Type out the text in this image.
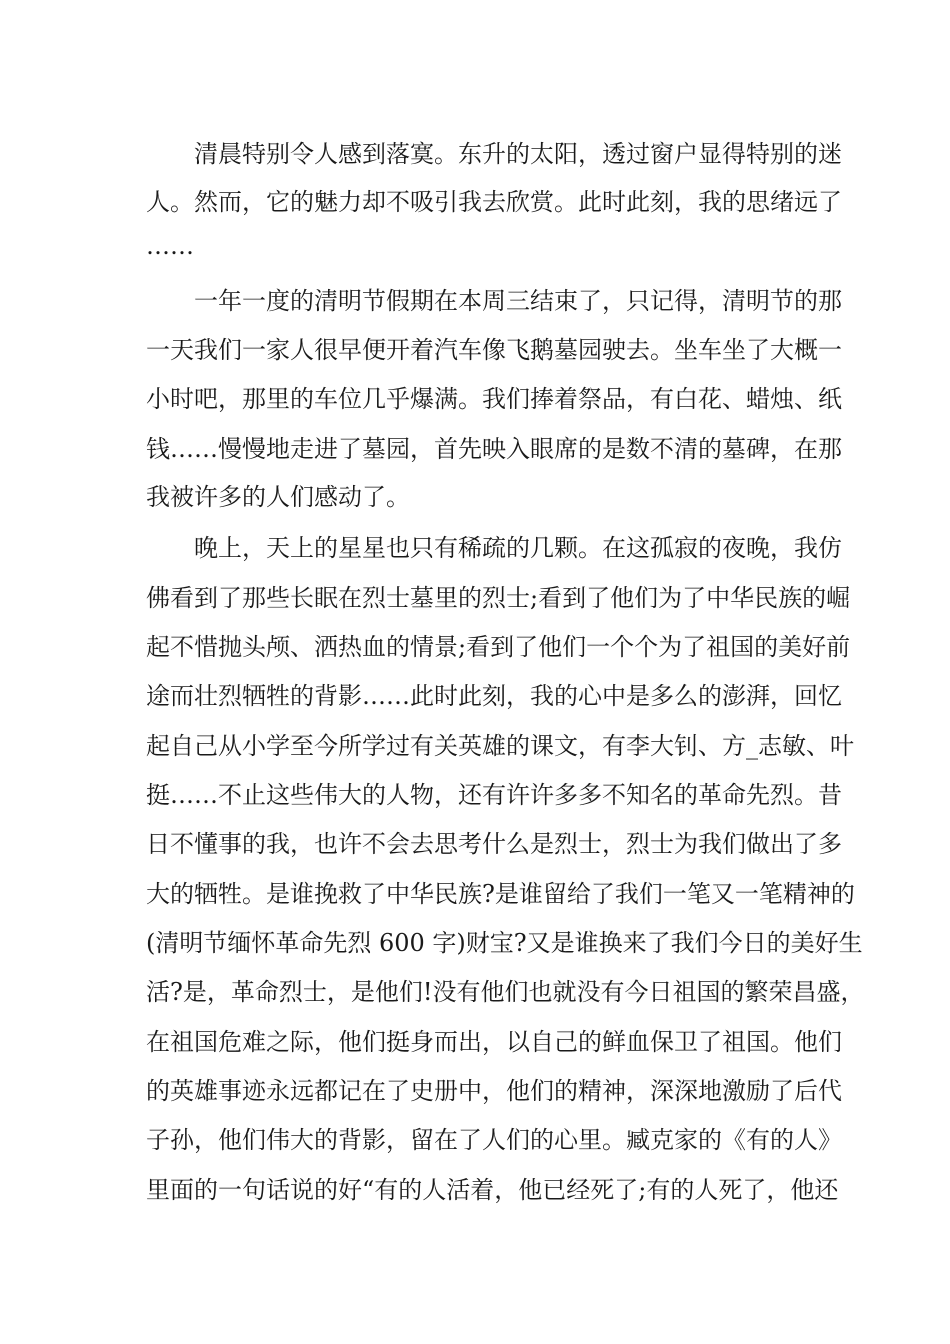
清晨特别令人感到落寞。东升的太阳，透过窗户显得特别的迷
人。然而，它的魅力却不吸引我去欣赏。此时此刻，我的思绪远了
……
一年一度的清明节假期在本周三结束了，只记得，清明节的那
一天我们一家人很早便开着汽车像飞鹅墓园驶去。坐车坐了大概一
小时吧，那里的车位几乎爆满。我们捧着祭品，有白花、蜡烛、纸
钱……慢慢地走进了墓园，首先映入眼席的是数不清的墓碑，在那
我被许多的人们感动了。
晚上，天上的星星也只有稀疏的几颗。在这孤寂的夜晚，我仿
佛看到了那些长眠在烈士墓里的烈士;看到了他们为了中华民族的崛
起不惜抛头颅、洒热血的情景;看到了他们一个个为了祖国的美好前
途而壮烈牺牲的背影……此时此刻，我的心中是多么的澎湃，回忆
起自己从小学至今所学过有关英雄的课文，有李大钊、方_志敏、叶
挺……不止这些伟大的人物，还有许许多多不知名的革命先烈。昔
日不懂事的我，也许不会去思考什么是烈士，烈士为我们做出了多
大的牺牲。是谁挽救了中华民族?是谁留给了我们一笔又一笔精神的
(清明节缅怀革命先烈 600 字)财宝?又是谁换来了我们今日的美好生
活?是，革命烈士，是他们!没有他们也就没有今日祖国的繁荣昌盛，
在祖国危难之际，他们挺身而出，以自己的鲜血保卫了祖国。他们
的英雄事迹永远都记在了史册中，他们的精神，深深地激励了后代
子孙，他们伟大的背影，留在了人们的心里。臧克家的《有的人》
里面的一句话说的好“有的人活着，他已经死了;有的人死了，他还
